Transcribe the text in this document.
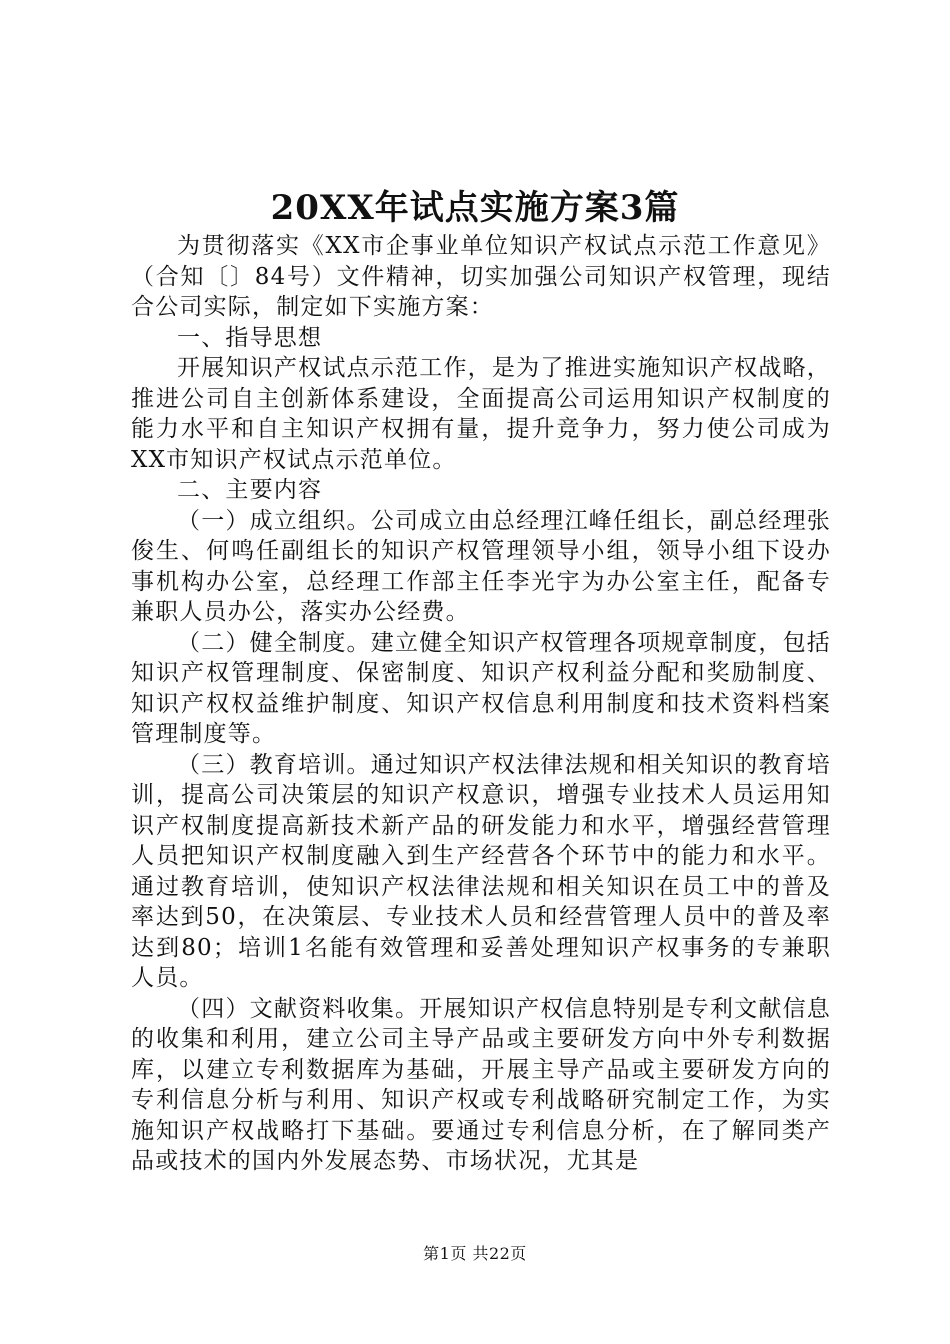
20XX年试点实施方案3篇

为贯彻落实《XX市企事业单位知识产权试点示范工作意见》（合知〔〕84号）文件精神，切实加强公司知识产权管理，现结合公司实际，制定如下实施方案：

一、指导思想

开展知识产权试点示范工作，是为了推进实施知识产权战略，推进公司自主创新体系建设，全面提高公司运用知识产权制度的能力水平和自主知识产权拥有量，提升竞争力，努力使公司成为XX市知识产权试点示范单位。

二、主要内容

（一）成立组织。公司成立由总经理江峰任组长，副总经理张俊生、何鸣任副组长的知识产权管理领导小组，领导小组下设办事机构办公室，总经理工作部主任李光宇为办公室主任，配备专兼职人员办公，落实办公经费。

（二）健全制度。建立健全知识产权管理各项规章制度，包括知识产权管理制度、保密制度、知识产权利益分配和奖励制度、知识产权权益维护制度、知识产权信息利用制度和技术资料档案管理制度等。

（三）教育培训。通过知识产权法律法规和相关知识的教育培训，提高公司决策层的知识产权意识，增强专业技术人员运用知识产权制度提高新技术新产品的研发能力和水平，增强经营管理人员把知识产权制度融入到生产经营各个环节中的能力和水平。通过教育培训，使知识产权法律法规和相关知识在员工中的普及率达到50，在决策层、专业技术人员和经营管理人员中的普及率达到80；培训1名能有效管理和妥善处理知识产权事务的专兼职人员。

（四）文献资料收集。开展知识产权信息特别是专利文献信息的收集和利用，建立公司主导产品或主要研发方向中外专利数据库，以建立专利数据库为基础，开展主导产品或主要研发方向的专利信息分析与利用、知识产权或专利战略研究制定工作，为实施知识产权战略打下基础。要通过专利信息分析，在了解同类产品或技术的国内外发展态势、市场状况，尤其是

第1页 共22页
